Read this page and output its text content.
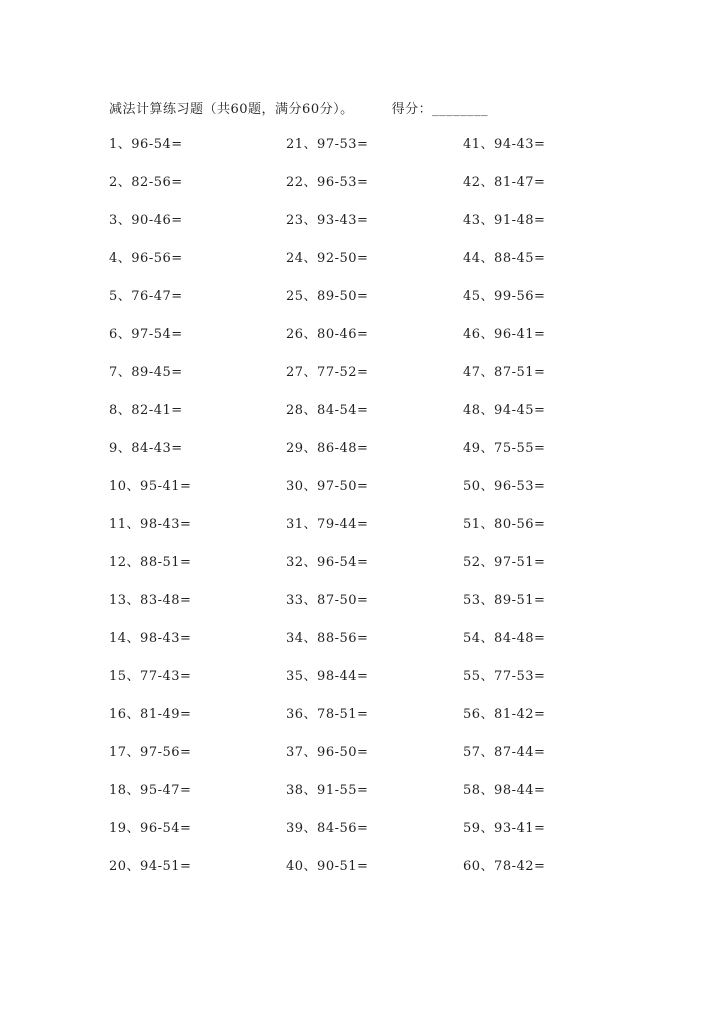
减法计算练习题（共60题，满分60分）。	得分：________
1、96-54=
2、82-56=
3、90-46=
4、96-56=
5、76-47=
6、97-54=
7、89-45=
8、82-41=
9、84-43=
10、95-41=
11、98-43=
12、88-51=
13、83-48=
14、98-43=
15、77-43=
16、81-49=
17、97-56=
18、95-47=
19、96-54=
20、94-51=
21、97-53=
22、96-53=
23、93-43=
24、92-50=
25、89-50=
26、80-46=
27、77-52=
28、84-54=
29、86-48=
30、97-50=
31、79-44=
32、96-54=
33、87-50=
34、88-56=
35、98-44=
36、78-51=
37、96-50=
38、91-55=
39、84-56=
40、90-51=
41、94-43=
42、81-47=
43、91-48=
44、88-45=
45、99-56=
46、96-41=
47、87-51=
48、94-45=
49、75-55=
50、96-53=
51、80-56=
52、97-51=
53、89-51=
54、84-48=
55、77-53=
56、81-42=
57、87-44=
58、98-44=
59、93-41=
60、78-42=
